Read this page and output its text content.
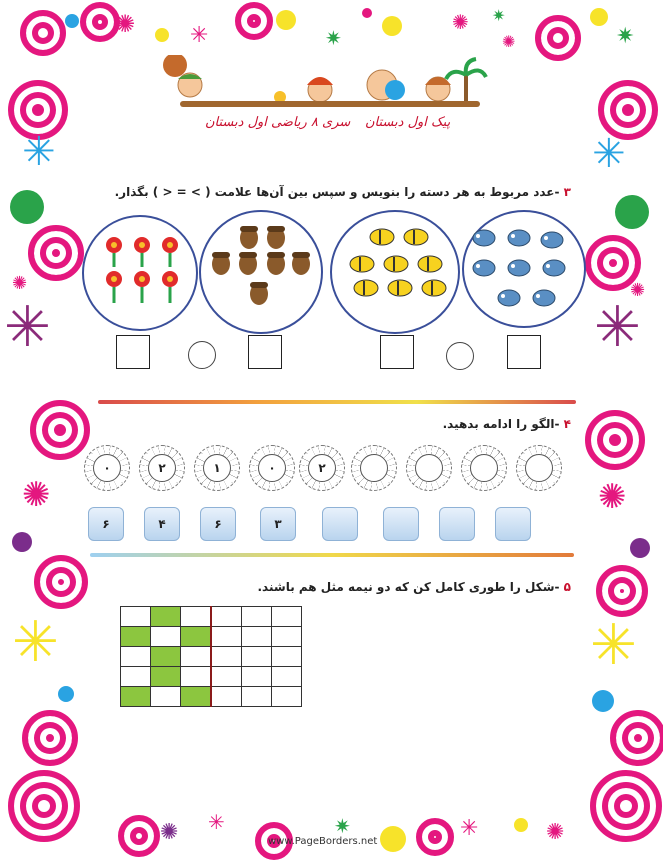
✺ ✳	✷
✺ ✷
✺	✷
✳
✺
✳
✺
✳
✳
✺
✳
✺
✳
✺ ✳	✷	✳	✺
سری ۸ ریاضی اول دبستان پیک اول دبستان
۳ -عدد مربوط به هر دسته را بنویس و سپس بین آن‌ها علامت ( > = < ) بگذار.
۴ -الگو را ادامه بدهید.
۰	۲	۱	۰	۲
۶	۴	۶	۳
۵ -شکل را طوری کامل کن که دو نیمه مثل هم باشند.

www.PageBorders.net
